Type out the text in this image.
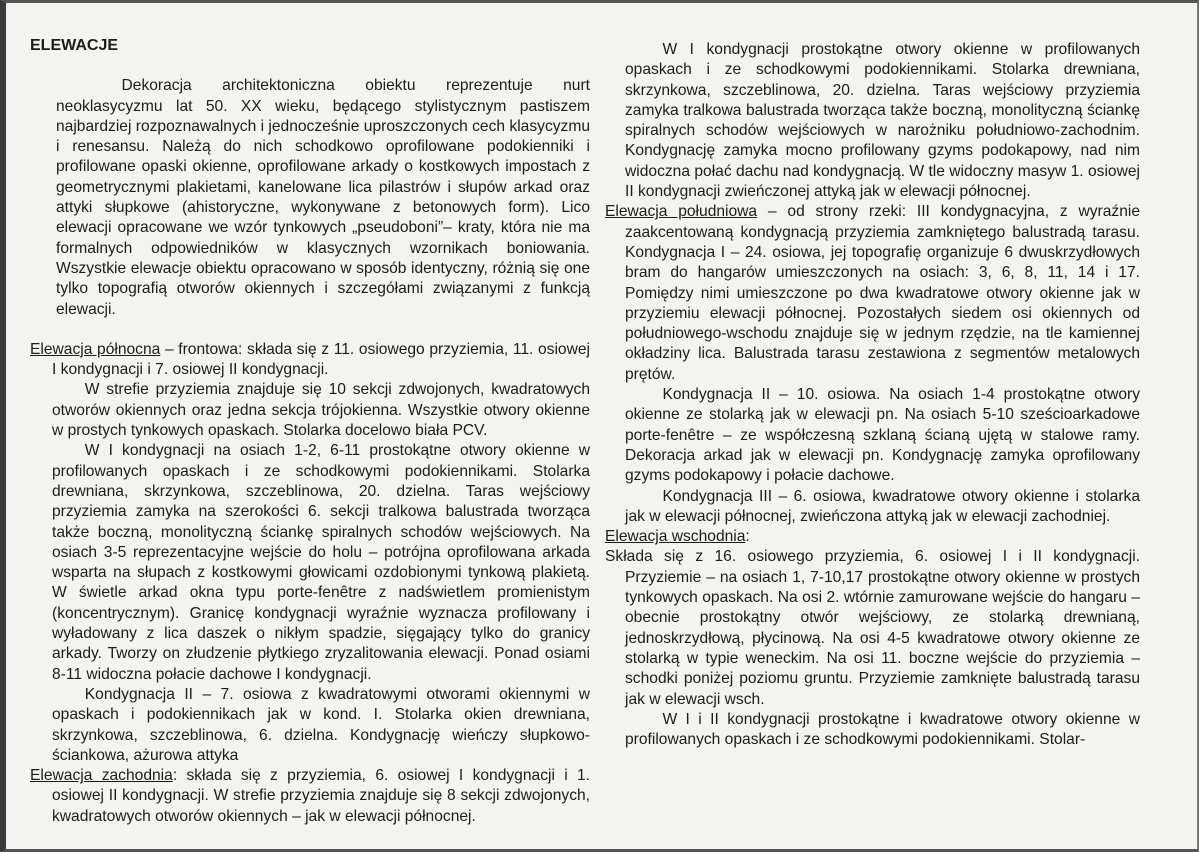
ELEWACJE

Dekoracja architektoniczna obiektu reprezentuje nurt neoklasycyzmu lat 50. XX wieku, będącego stylistycznym pastiszem najbardziej rozpoznawalnych i jednocześnie uproszczonych cech klasycyzmu i renesansu. Należą do nich schodkowo oprofilowane podokienniki i profilowane opaski okienne, oprofilowane arkady o kostkowych impostach z geometrycznymi plakietami, kanelowane lica pilastrów i słupów arkad oraz attyki słupkowe (ahistoryczne, wykonywane z betonowych form). Lico elewacji opracowane we wzór tynkowych „pseudoboni”– kraty, która nie ma formalnych odpowiedników w klasycznych wzornikach boniowania. Wszystkie elewacje obiektu opracowano w sposób identyczny, różnią się one tylko topografią otworów okiennych i szczegółami związanymi z funkcją elewacji.

Elewacja północna – frontowa: składa się z 11. osiowego przyziemia, 11. osiowej I kondygnacji i 7. osiowej II kondygnacji.

W strefie przyziemia znajduje się 10 sekcji zdwojonych, kwadratowych otworów okiennych oraz jedna sekcja trójokienna. Wszystkie otwory okienne w prostych tynkowych opaskach. Stolarka docelowo biała PCV.

W I kondygnacji na osiach 1-2, 6-11 prostokątne otwory okienne w profilowanych opaskach i ze schodkowymi podokiennikami. Stolarka drewniana, skrzynkowa, szczeblinowa, 20. dzielna. Taras wejściowy przyziemia zamyka na szerokości 6. sekcji tralkowa balustrada tworząca także boczną, monolityczną ściankę spiralnych schodów wejściowych. Na osiach 3-5 reprezentacyjne wejście do holu – potrójna oprofilowana arkada wsparta na słupach z kostkowymi głowicami ozdobionymi tynkową plakietą. W świetle arkad okna typu porte-fenêtre z nadświetlem promienistym (koncentrycznym). Granicę kondygnacji wyraźnie wyznacza profilowany i wyładowany z lica daszek o nikłym spadzie, sięgający tylko do granicy arkady. Tworzy on złudzenie płytkiego zryzalitowania elewacji. Ponad osiami 8-11 widoczna połacie dachowe I kondygnacji.

Kondygnacja II – 7. osiowa z kwadratowymi otworami okiennymi w opaskach i podokiennikach jak w kond. I. Stolarka okien drewniana, skrzynkowa, szczeblinowa, 6. dzielna. Kondygnację wieńczy słupkowo-ściankowa, ażurowa attyka

Elewacja zachodnia: składa się z przyziemia, 6. osiowej I kondygnacji i 1. osiowej II kondygnacji. W strefie przyziemia znajduje się 8 sekcji zdwojonych, kwadratowych otworów okiennych – jak w elewacji północnej.

W I kondygnacji prostokątne otwory okienne w profilowanych opaskach i ze schodkowymi podokiennikami. Stolarka drewniana, skrzynkowa, szczeblinowa, 20. dzielna. Taras wejściowy przyziemia zamyka tralkowa balustrada tworząca także boczną, monolityczną ściankę spiralnych schodów wejściowych w narożniku południowo-zachodnim. Kondygnację zamyka mocno profilowany gzyms podokapowy, nad nim widoczna połać dachu nad kondygnacją. W tle widoczny masyw 1. osiowej II kondygnacji zwieńczonej attyką jak w elewacji północnej.

Elewacja południowa – od strony rzeki: III kondygnacyjna, z wyraźnie zaakcentowaną kondygnacją przyziemia zamkniętego balustradą tarasu. Kondygnacja I – 24. osiowa, jej topografię organizuje 6 dwuskrzydłowych bram do hangarów umieszczonych na osiach: 3, 6, 8, 11, 14 i 17. Pomiędzy nimi umieszczone po dwa kwadratowe otwory okienne jak w przyziemiu elewacji północnej. Pozostałych siedem osi okiennych od południowego-wschodu znajduje się w jednym rzędzie, na tle kamiennej okładziny lica. Balustrada tarasu zestawiona z segmentów metalowych prętów.

Kondygnacja II – 10. osiowa. Na osiach 1-4 prostokątne otwory okienne ze stolarką jak w elewacji pn. Na osiach 5-10 sześcioarkadowe porte-fenêtre – ze współczesną szklaną ścianą ujętą w stalowe ramy. Dekoracja arkad jak w elewacji pn. Kondygnację zamyka oprofilowany gzyms podokapowy i połacie dachowe.

Kondygnacja III – 6. osiowa, kwadratowe otwory okienne i stolarka jak w elewacji północnej, zwieńczona attyką jak w elewacji zachodniej.

Elewacja wschodnia:

Składa się z 16. osiowego przyziemia, 6. osiowej I i II kondygnacji. Przyziemie – na osiach 1, 7-10,17 prostokątne otwory okienne w prostych tynkowych opaskach. Na osi 2. wtórnie zamurowane wejście do hangaru – obecnie prostokątny otwór wejściowy, ze stolarką drewnianą, jednoskrzydłową, płycinową. Na osi 4-5 kwadratowe otwory okienne ze stolarką w typie weneckim. Na osi 11. boczne wejście do przyziemia – schodki poniżej poziomu gruntu. Przyziemie zamknięte balustradą tarasu jak w elewacji wsch.

W I i II kondygnacji prostokątne i kwadratowe otwory okienne w profilowanych opaskach i ze schodkowymi podokiennikami. Stolar-
